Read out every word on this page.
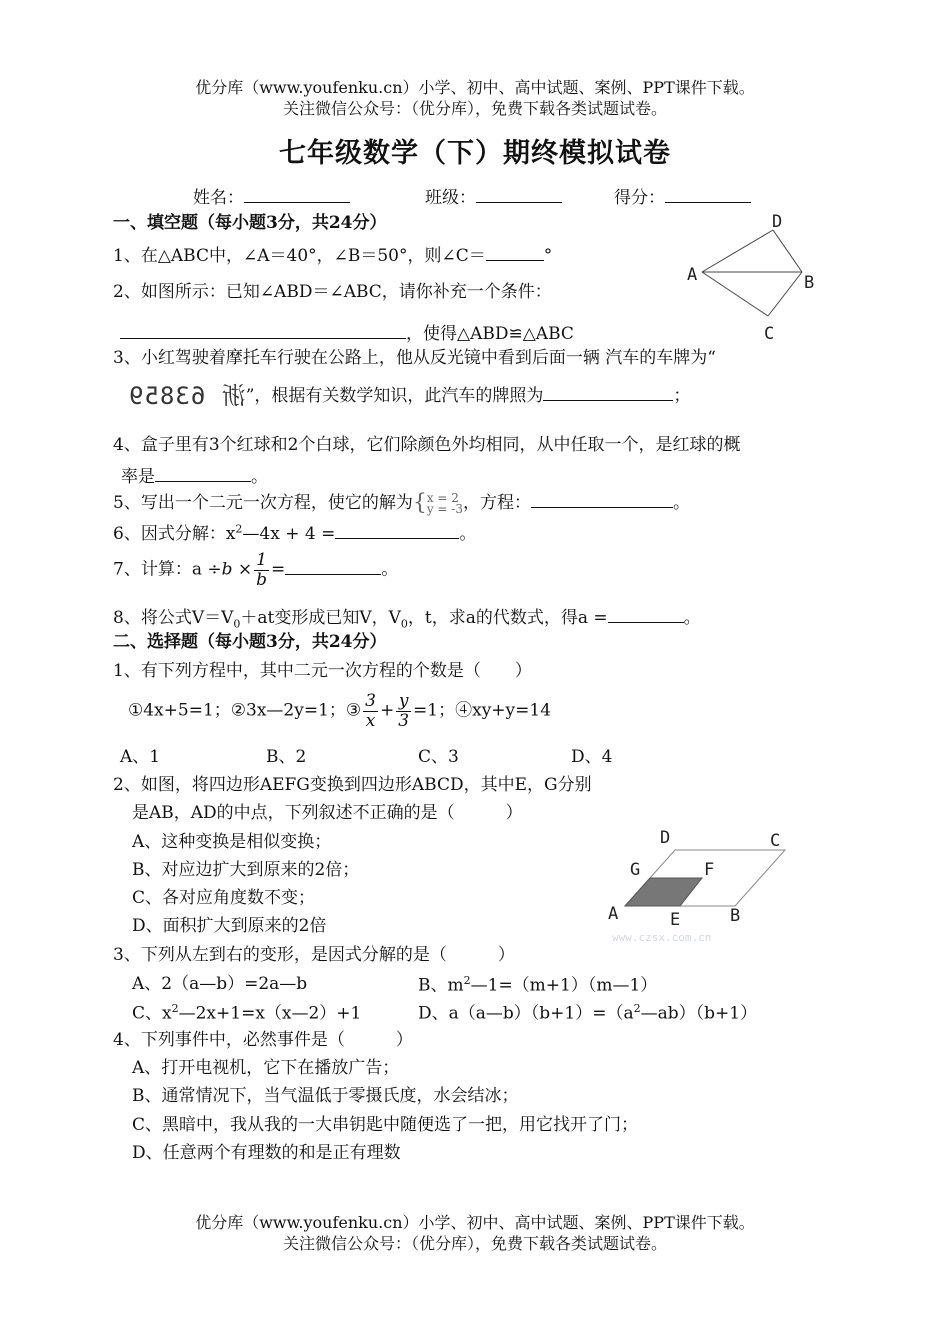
优分库（www.youfenku.cn）小学、初中、高中试题、案例、PPT课件下载。
关注微信公众号：（优分库），免费下载各类试题试卷。
七年级数学（下）期终模拟试卷
姓名：	班级：	得分：
一、填空题（每小题3分，共24分）
1、在△ABC中，∠A＝40°，∠B＝50°，则∠C＝	°
D
A	B
C
2、如图所示：已知∠ABD＝∠ABC，请你补充一个条件：
，使得△ABD≌△ABC
3、小红驾驶着摩托车行驶在公路上，他从反光镜中看到后面一辆 汽车的车牌为“
浙 63859”，根据有关数学知识，此汽车的牌照为	；
4、盒子里有3个红球和2个白球，它们除颜色外均相同，从中任取一个，是红球的概
率是	。
5、写出一个二元一次方程，使它的解为{ x = 2
y = -3 ，方程：	。
6、因式分解：$x^2—4x + 4$ =	。
7、计算：$a \div b \times \frac{1}{b}$ =	。
8、将公式$V=V_0+at$变形成已知V，$V_0$，t，求a的代数式，得a =	。
二、选择题（每小题3分，共24分）
1、有下列方程中，其中二元一次方程的个数是（　　）
①4x+5=1；②3x—2y=1；③ $\frac{3}{x} + \frac{y}{3} =1$；④xy+y=14
A、1	B、2	C、3	D、4
2、如图，将四边形AEFG变换到四边形ABCD，其中E，G分别
是AB，AD的中点，下列叙述不正确的是（　　　）
A、这种变换是相似变换；
B、对应边扩大到原来的2倍；
C、各对应角度数不变；
D、面积扩大到原来的2倍
D	C
G	F
A	E	B
www.czsx.com.cn
3、下列从左到右的变形，是因式分解的是（　　　）
A、2（a—b）=2a—b	B、$m^2—1=(m+1)(m—1)$
C、$x^2—2x+1=x(x—2)+1$	D、$a(a—b)(b+1)=(a^2—ab)(b+1)$
4、下列事件中，必然事件是（　　　）
A、打开电视机，它下在播放广告；
B、通常情况下，当气温低于零摄氏度，水会结冰；
C、黑暗中，我从我的一大串钥匙中随便选了一把，用它找开了门；
D、任意两个有理数的和是正有理数
优分库（www.youfenku.cn）小学、初中、高中试题、案例、PPT课件下载。
关注微信公众号：（优分库），免费下载各类试题试卷。
